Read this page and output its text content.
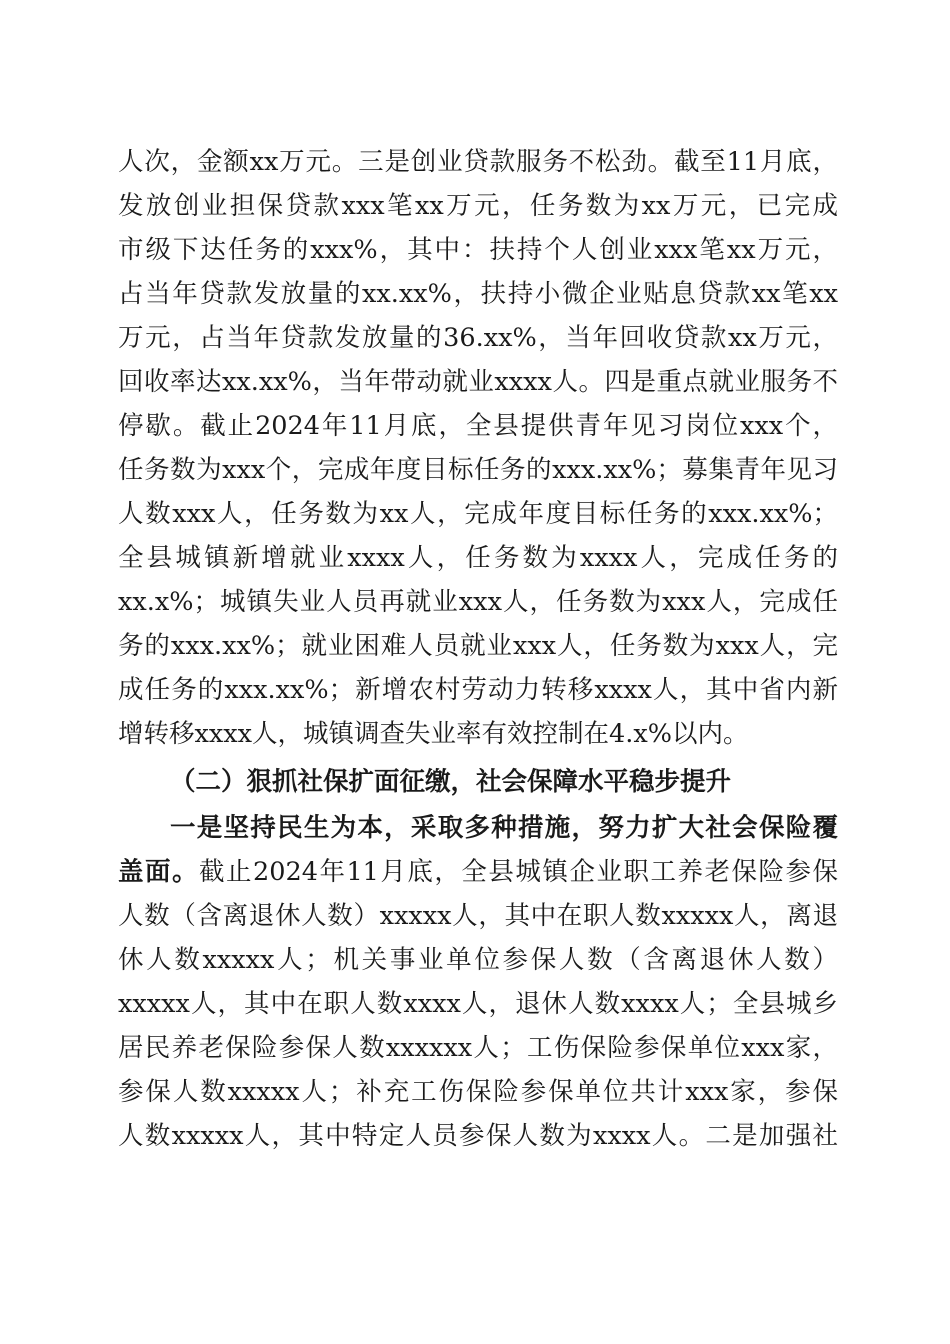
人次，金额xx万元。三是创业贷款服务不松劲。截至11月底，
发放创业担保贷款xxx笔xx万元，任务数为xx万元，已完成
市级下达任务的xxx%，其中：扶持个人创业xxx笔xx万元，
占当年贷款发放量的xx.xx%，扶持小微企业贴息贷款xx笔xx
万元，占当年贷款发放量的36.xx%，当年回收贷款xx万元，
回收率达xx.xx%，当年带动就业xxxx人。四是重点就业服务不
停歇。截止2024年11月底，全县提供青年见习岗位xxx个，
任务数为xxx个，完成年度目标任务的xxx.xx%；募集青年见习
人数xxx人，任务数为xx人，完成年度目标任务的xxx.xx%；
全县城镇新增就业xxxx人，任务数为xxxx人，完成任务的
xx.x%；城镇失业人员再就业xxx人，任务数为xxx人，完成任
务的xxx.xx%；就业困难人员就业xxx人，任务数为xxx人，完
成任务的xxx.xx%；新增农村劳动力转移xxxx人，其中省内新
增转移xxxx人，城镇调查失业率有效控制在4.x%以内。
（二）狠抓社保扩面征缴，社会保障水平稳步提升
一是坚持民生为本，采取多种措施，努力扩大社会保险覆
盖面。截止2024年11月底，全县城镇企业职工养老保险参保
人数（含离退休人数）xxxxx人，其中在职人数xxxxx人，离退
休人数xxxxx人；机关事业单位参保人数（含离退休人数）
xxxxx人，其中在职人数xxxx人，退休人数xxxx人；全县城乡
居民养老保险参保人数xxxxxx人；工伤保险参保单位xxx家，
参保人数xxxxx人；补充工伤保险参保单位共计xxx家，参保
人数xxxxx人，其中特定人员参保人数为xxxx人。二是加强社
